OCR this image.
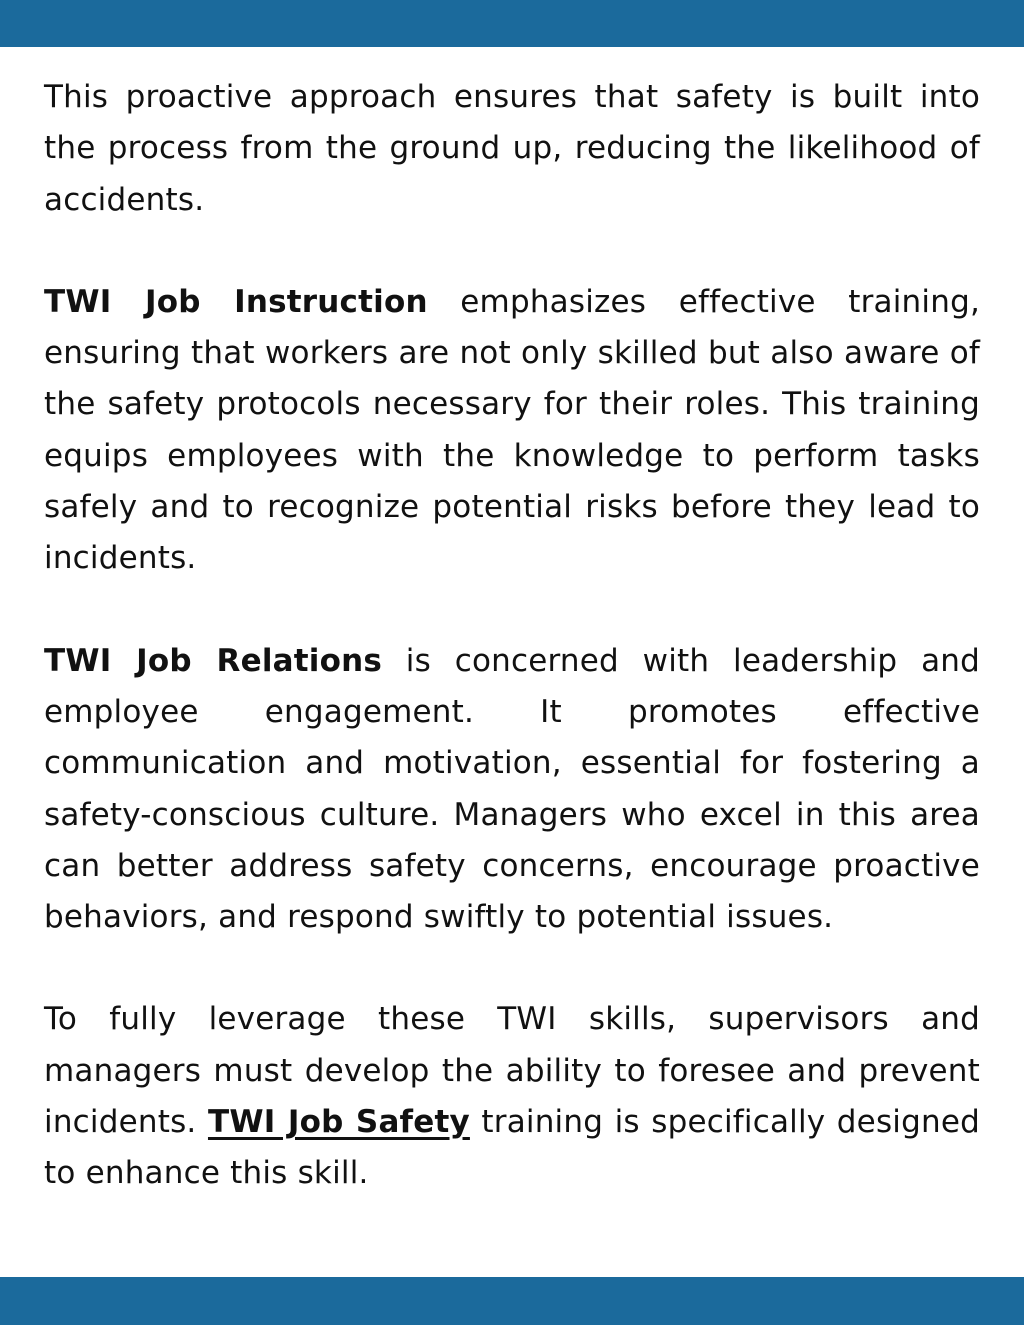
This proactive approach ensures that safety is built into the process from the ground up, reducing the likelihood of accidents.

TWI Job Instruction emphasizes effective training, ensuring that workers are not only skilled but also aware of the safety protocols necessary for their roles. This training equips employees with the knowledge to perform tasks safely and to recognize potential risks before they lead to incidents.

TWI Job Relations is concerned with leadership and employee engagement. It promotes effective communication and motivation, essential for fostering a safety-conscious culture. Managers who excel in this area can better address safety concerns, encourage proactive behaviors, and respond swiftly to potential issues.

To fully leverage these TWI skills, supervisors and managers must develop the ability to foresee and prevent incidents. TWI Job Safety training is specifically designed to enhance this skill.
